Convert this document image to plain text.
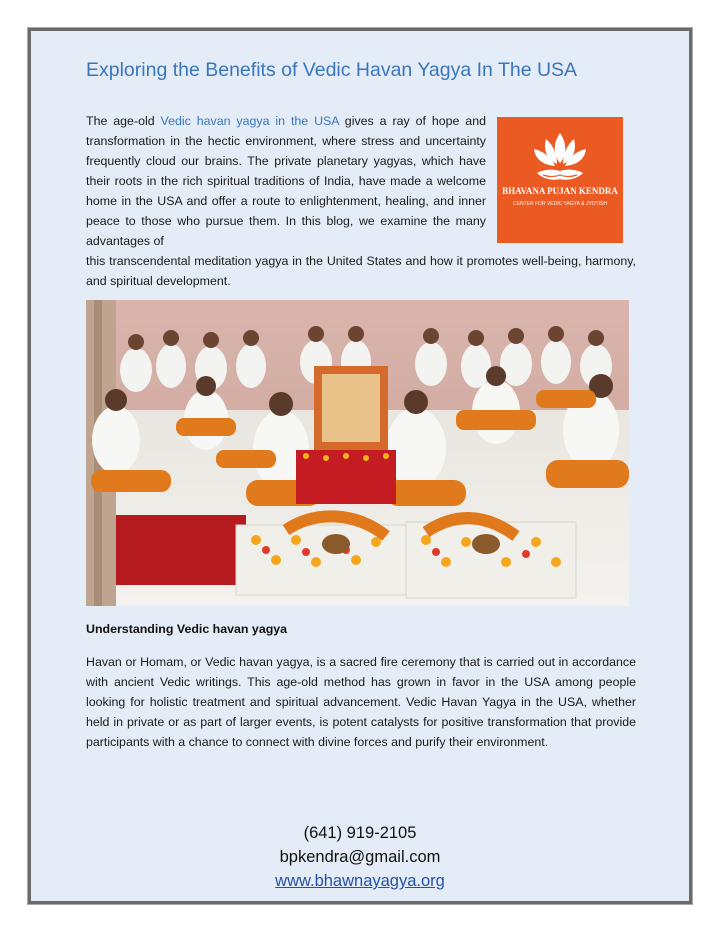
Exploring the Benefits of Vedic Havan Yagya In The USA

The age-old Vedic havan yagya in the USA gives a ray of hope and transformation in the hectic environment, where stress and uncertainty frequently cloud our brains. The private planetary yagyas, which have their roots in the rich spiritual traditions of India, have made a welcome home in the USA and offer a route to enlightenment, healing, and inner peace to those who pursue them. In this blog, we examine the many advantages of

this transcendental meditation yagya in the United States and how it promotes well-being, harmony, and spiritual development.

BHAVANA PUJAN KENDRA
CENTER FOR VEDIC YAGYA & JYOTISH
Understanding Vedic havan yagya

Havan or Homam, or Vedic havan yagya, is a sacred fire ceremony that is carried out in accordance with ancient Vedic writings. This age-old method has grown in favor in the USA among people looking for holistic treatment and spiritual advancement. Vedic Havan Yagya in the USA, whether held in private or as part of larger events, is potent catalysts for positive transformation that provide participants with a chance to connect with divine forces and purify their environment.

(641) 919-2105
bpkendra@gmail.com
www.bhawnayagya.org
